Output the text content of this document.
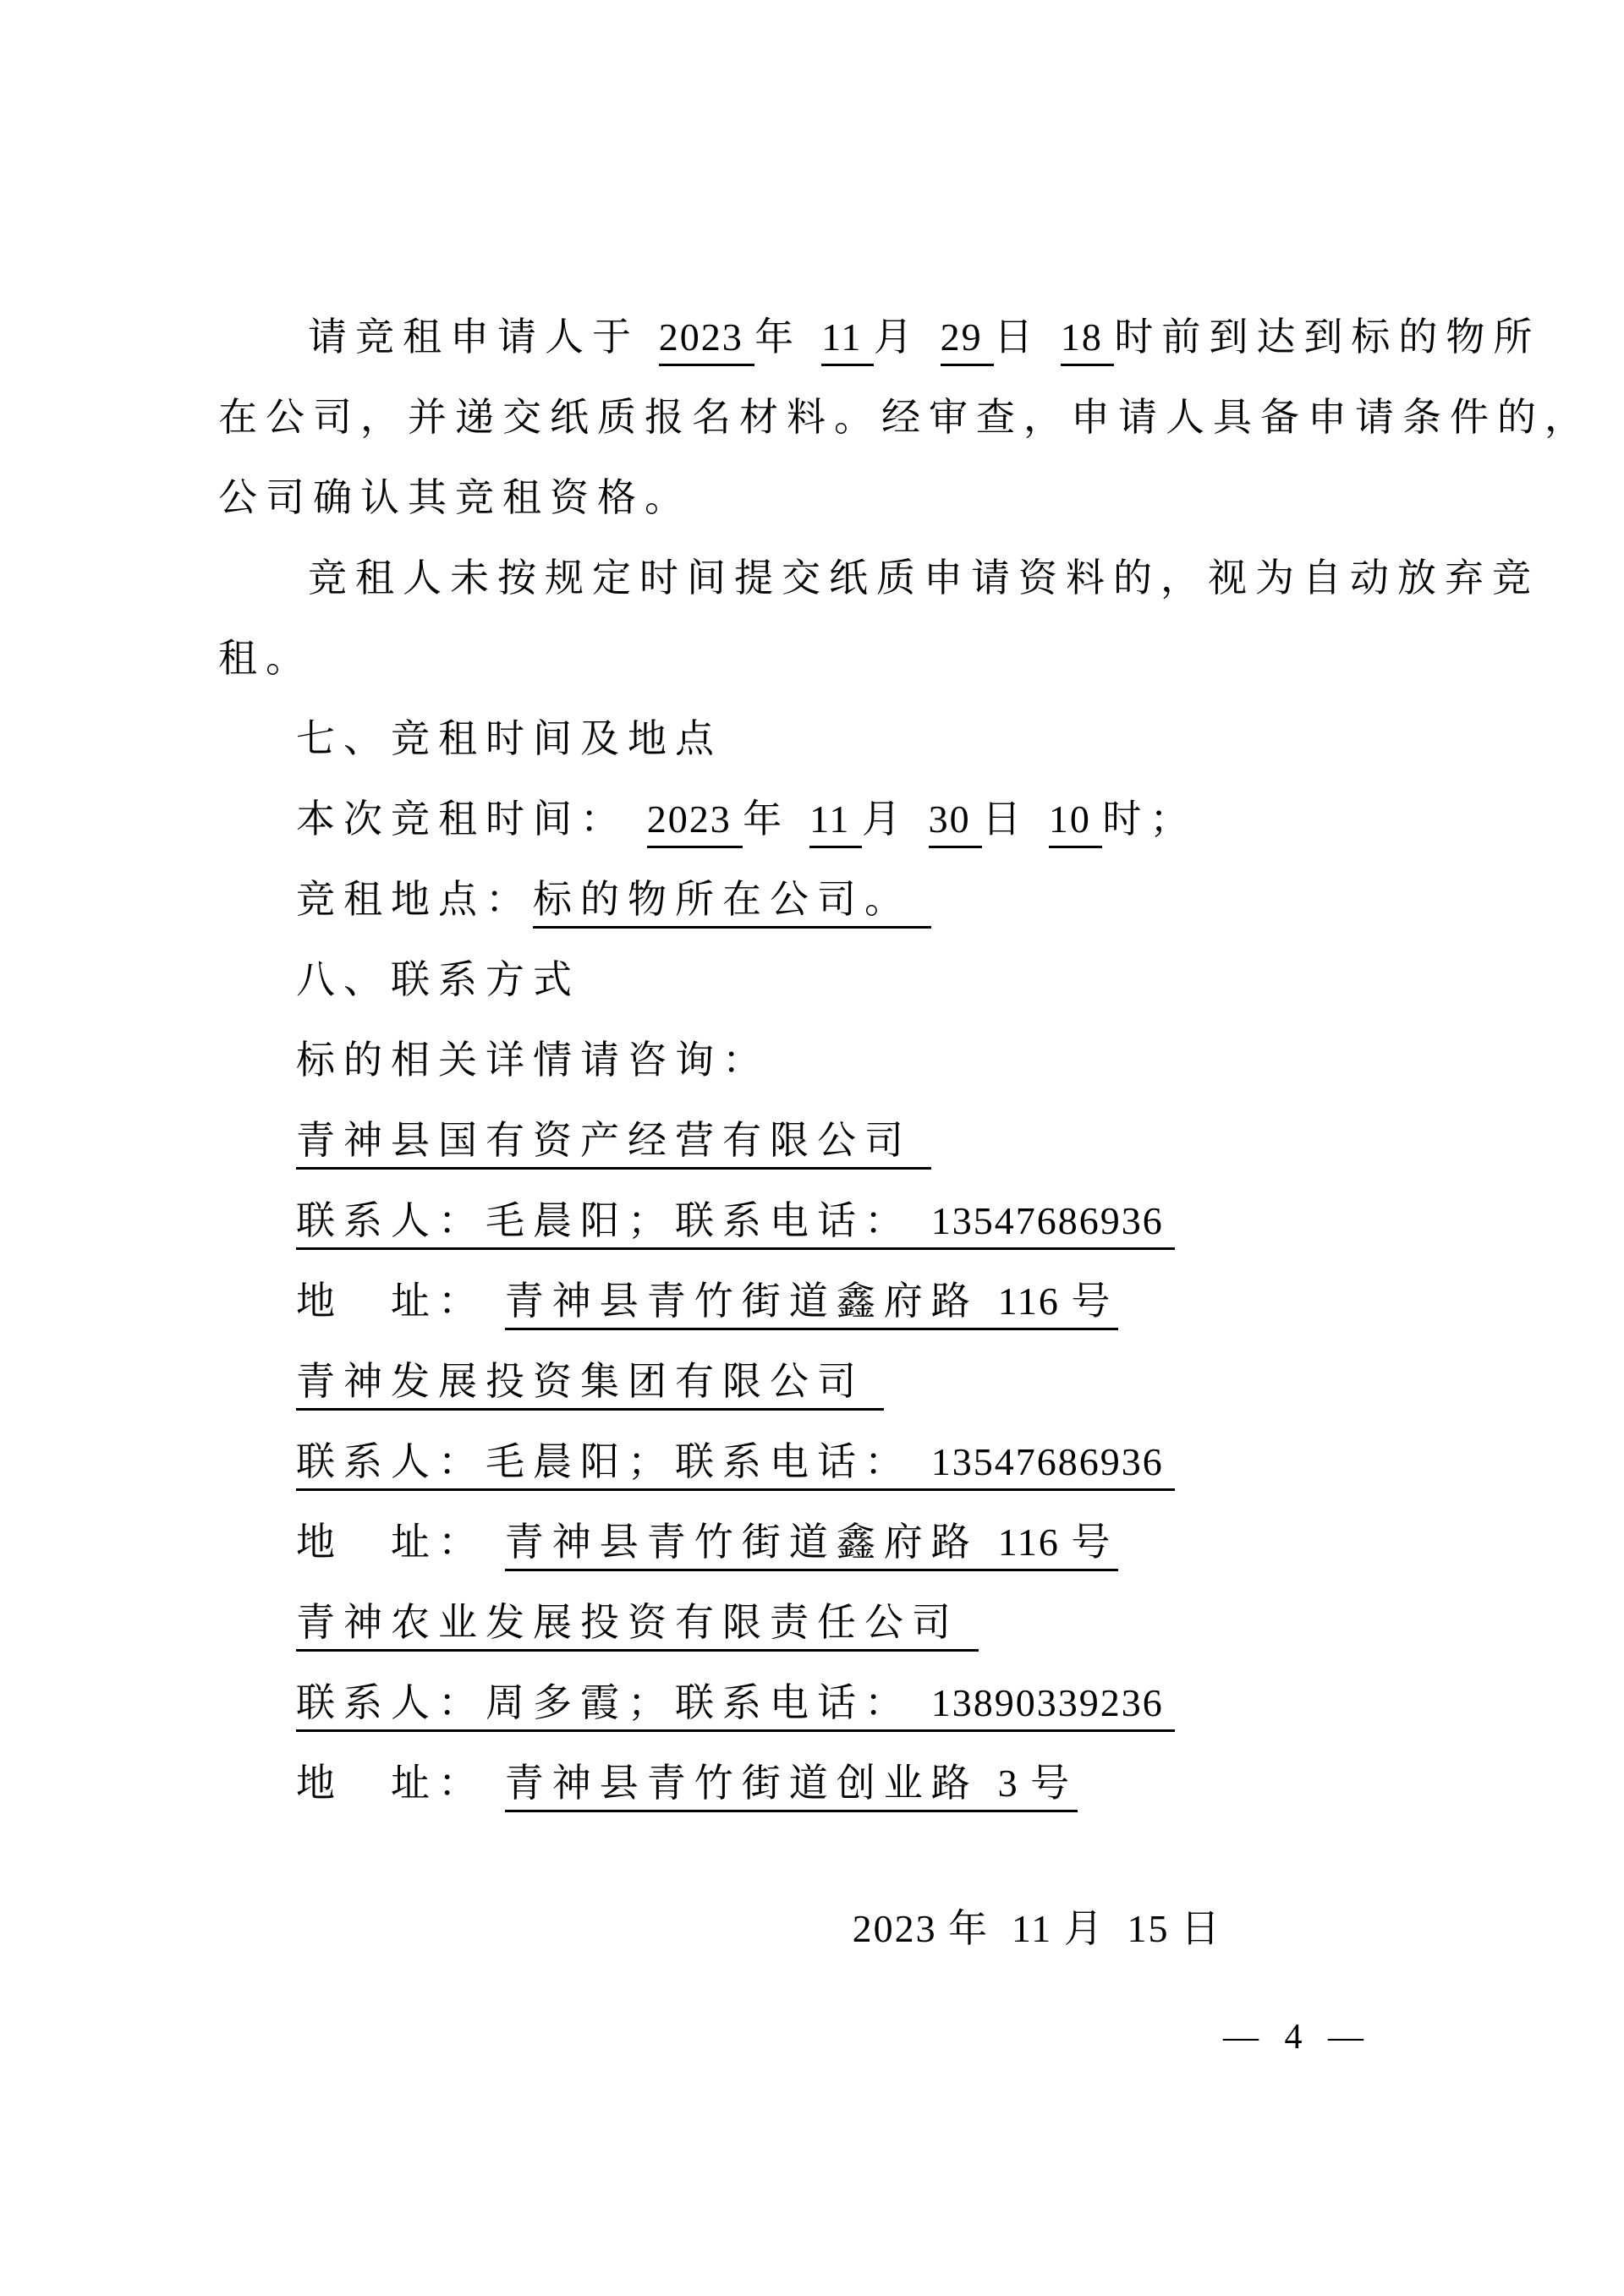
请竞租申请人于 2023 年 11 月 29 日 18 时前到达到标的物所
在公司，并递交纸质报名材料。经审查，申请人具备申请条件的，
公司确认其竞租资格。
竞租人未按规定时间提交纸质申请资料的，视为自动放弃竞
租。
七、竞租时间及地点
本次竞租时间： 2023 年 11 月 30 日 10 时；
竞租地点：标的物所在公司。
八、联系方式
标的相关详情请咨询：
青神县国有资产经营有限公司
联系人：毛晨阳；联系电话： 13547686936
地　址： 青神县青竹街道鑫府路 116 号
青神发展投资集团有限公司
联系人：毛晨阳；联系电话： 13547686936
地　址： 青神县青竹街道鑫府路 116 号
青神农业发展投资有限责任公司
联系人：周多霞；联系电话： 13890339236
地　址： 青神县青竹街道创业路 3 号
2023 年 11 月 15 日
— 4 —
